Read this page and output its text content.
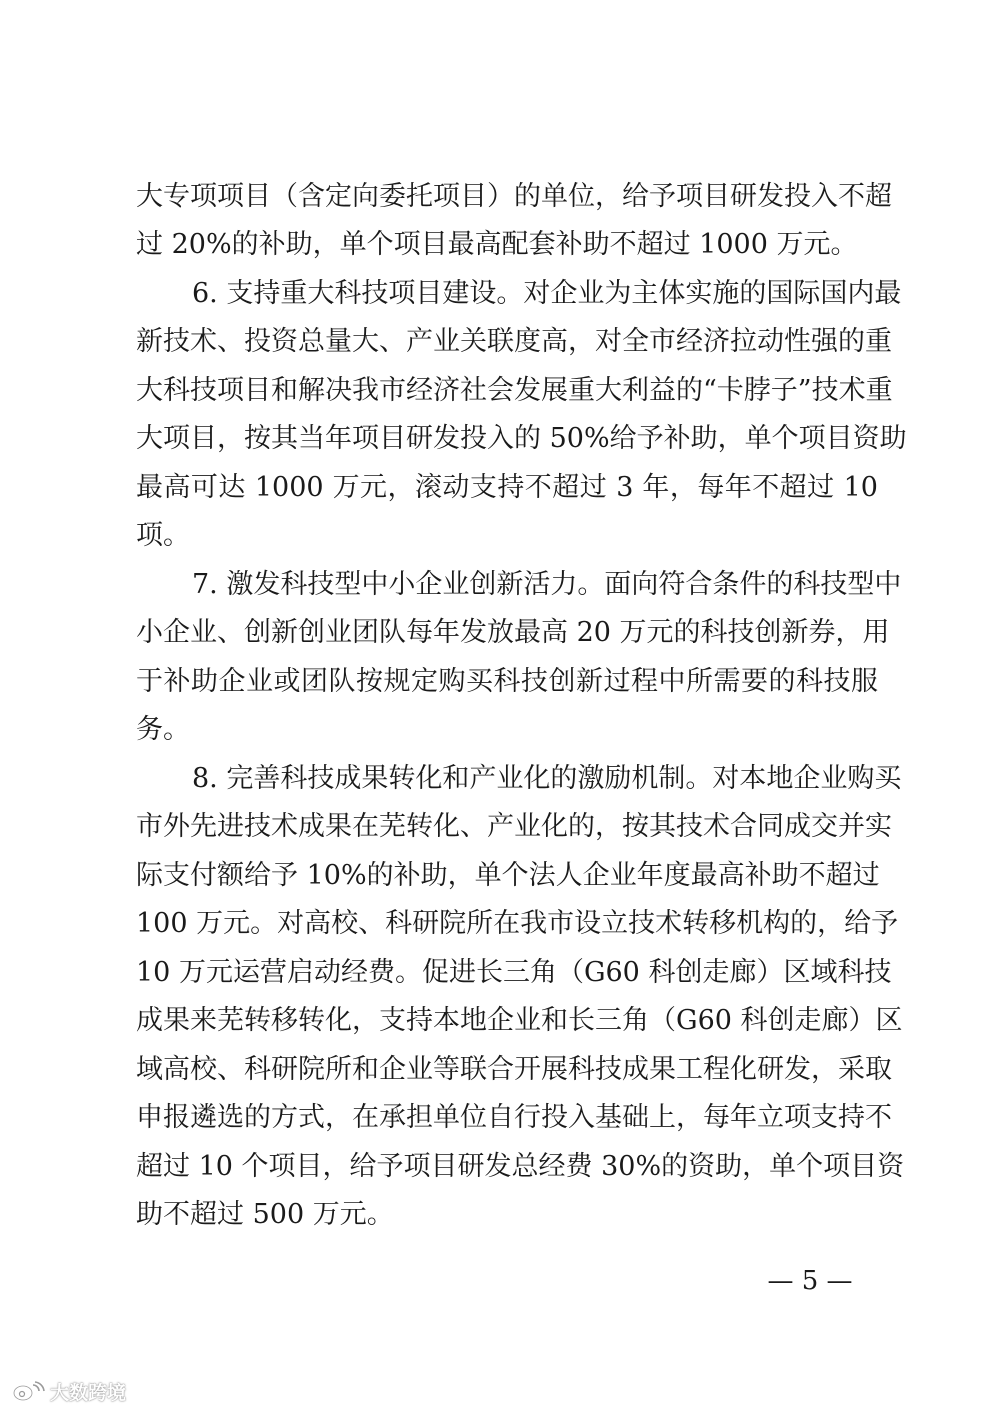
大专项项目（含定向委托项目）的单位，给予项目研发投入不超
过 20%的补助，单个项目最高配套补助不超过 1000 万元。
6. 支持重大科技项目建设。对企业为主体实施的国际国内最
新技术、投资总量大、产业关联度高，对全市经济拉动性强的重
大科技项目和解决我市经济社会发展重大利益的“卡脖子”技术重
大项目，按其当年项目研发投入的 50%给予补助，单个项目资助
最高可达 1000 万元，滚动支持不超过 3 年，每年不超过 10
项。
7. 激发科技型中小企业创新活力。面向符合条件的科技型中
小企业、创新创业团队每年发放最高 20 万元的科技创新券，用
于补助企业或团队按规定购买科技创新过程中所需要的科技服
务。
8. 完善科技成果转化和产业化的激励机制。对本地企业购买
市外先进技术成果在芜转化、产业化的，按其技术合同成交并实
际支付额给予 10%的补助，单个法人企业年度最高补助不超过
100 万元。对高校、科研院所在我市设立技术转移机构的，给予
10 万元运营启动经费。促进长三角（G60 科创走廊）区域科技
成果来芜转移转化，支持本地企业和长三角（G60 科创走廊）区
域高校、科研院所和企业等联合开展科技成果工程化研发，采取
申报遴选的方式，在承担单位自行投入基础上，每年立项支持不
超过 10 个项目，给予项目研发总经费 30%的资助，单个项目资
助不超过 500 万元。
— 5 —
大数跨境
